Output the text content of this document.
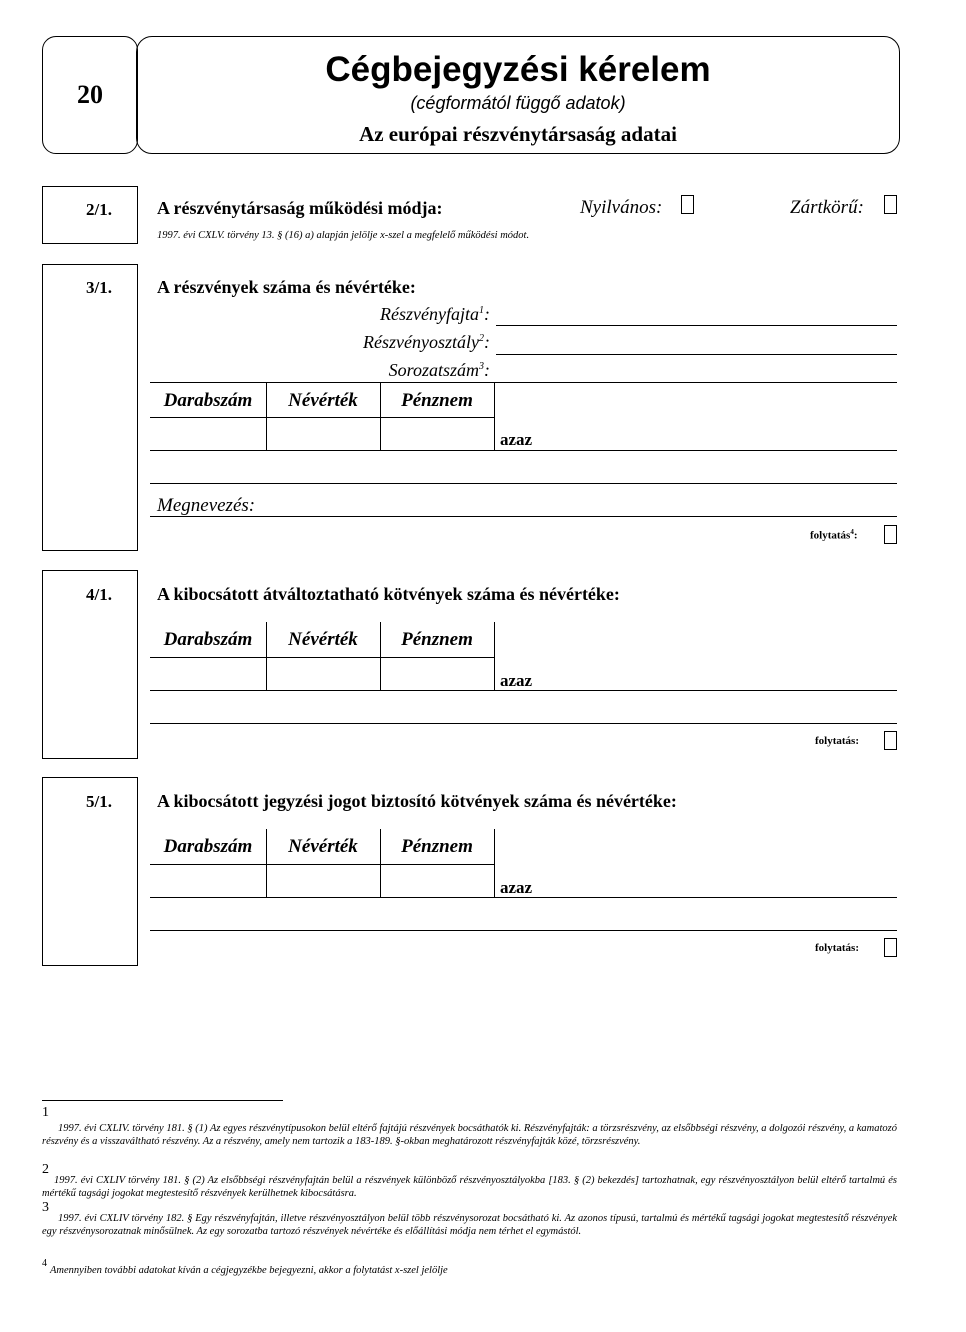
20
Cégbejegyzési kérelem
(cégformától függő adatok)
Az európai részvénytársaság adatai
2/1.	A részvénytársaság működési módja:	Nyilvános:	Zártkörű:
1997. évi CXLV. törvény 13. § (16) a) alapján jelölje x-szel a megfelelő működési módot.
3/1.	A részvények száma és névértéke:
Részvényfajta$^1$:
Részvényosztály$^2$:
Sorozatszám$^3$:
Darabszám	Névérték	Pénznem
azaz
Megnevezés:
folytatás$^4$:
4/1.	A kibocsátott átváltoztatható kötvények száma és névértéke:
Darabszám	Névérték	Pénznem
azaz
folytatás:
5/1.	A kibocsátott jegyzési jogot biztosító kötvények száma és névértéke:
Darabszám	Névérték	Pénznem
azaz
folytatás:
1
1997. évi CXLIV. törvény 181. § (1) Az egyes részvénytípusokon belül eltérő fajtájú részvények bocsáthatók ki. Részvényfajták: a törzsrészvény, az elsőbbségi részvény, a dolgozói részvény, a kamatozó részvény és a visszaváltható részvény. Az a részvény, amely nem tartozik a 183-189. §-okban meghatározott részvényfajták közé, törzsrészvény.
2
1997. évi CXLIV törvény 181. § (2) Az elsőbbségi részvényfajtán belül a részvények különböző részvényosztályokba [183. § (2) bekezdés] tartozhatnak, egy részvényosztályon belül eltérő tartalmú és mértékű tagsági jogokat megtestesítő részvények kerülhetnek kibocsátásra.
3
1997. évi CXLIV törvény 182. § Egy részvényfajtán, illetve részvényosztályon belül több részvénysorozat bocsátható ki. Az azonos típusú, tartalmú és mértékű tagsági jogokat megtestesítő részvények egy részvénysorozatnak minősülnek. Az egy sorozatba tartozó részvények névértéke és előállítási módja nem térhet el egymástól.
4
Amennyiben további adatokat kíván a cégjegyzékbe bejegyezni, akkor a folytatást x-szel jelölje
